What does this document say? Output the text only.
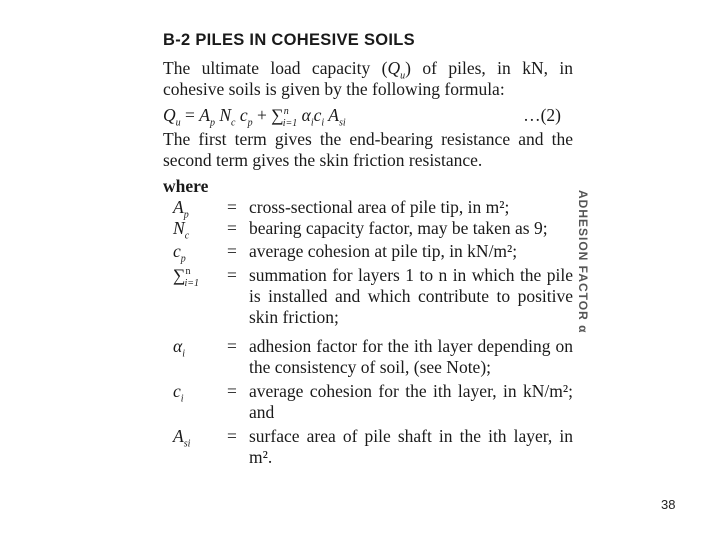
B-2 PILES IN COHESIVE SOILS

The ultimate load capacity $(Q_u)$ of piles, in kN, in cohesive soils is given by the following formula:

$Q_u = A_p$ $N_c$ $c_p + \sum^n_{i=1}$ $\alpha_ic_i$ $A_{si}$	…(2)

The first term gives the end-bearing resistance and the second term gives the skin friction resistance.

where
$A_p$	= cross-sectional area of pile tip, in m²;
$N_c$	= bearing capacity factor, may be taken as 9;
$c_p$	= average cohesion at pile tip, in kN/m²;
∑$^n_{i=1}$	= summation for layers 1 to n in which the pile is installed and which contribute to positive skin friction;
$\alpha_i$	= adhesion factor for the ith layer depending on the consistency of soil, (see Note);
$c_i$	= average cohesion for the ith layer, in kN/m²; and
$A_{si}$	= surface area of pile shaft in the ith layer, in m².
ADHESION FACTOR α
38
